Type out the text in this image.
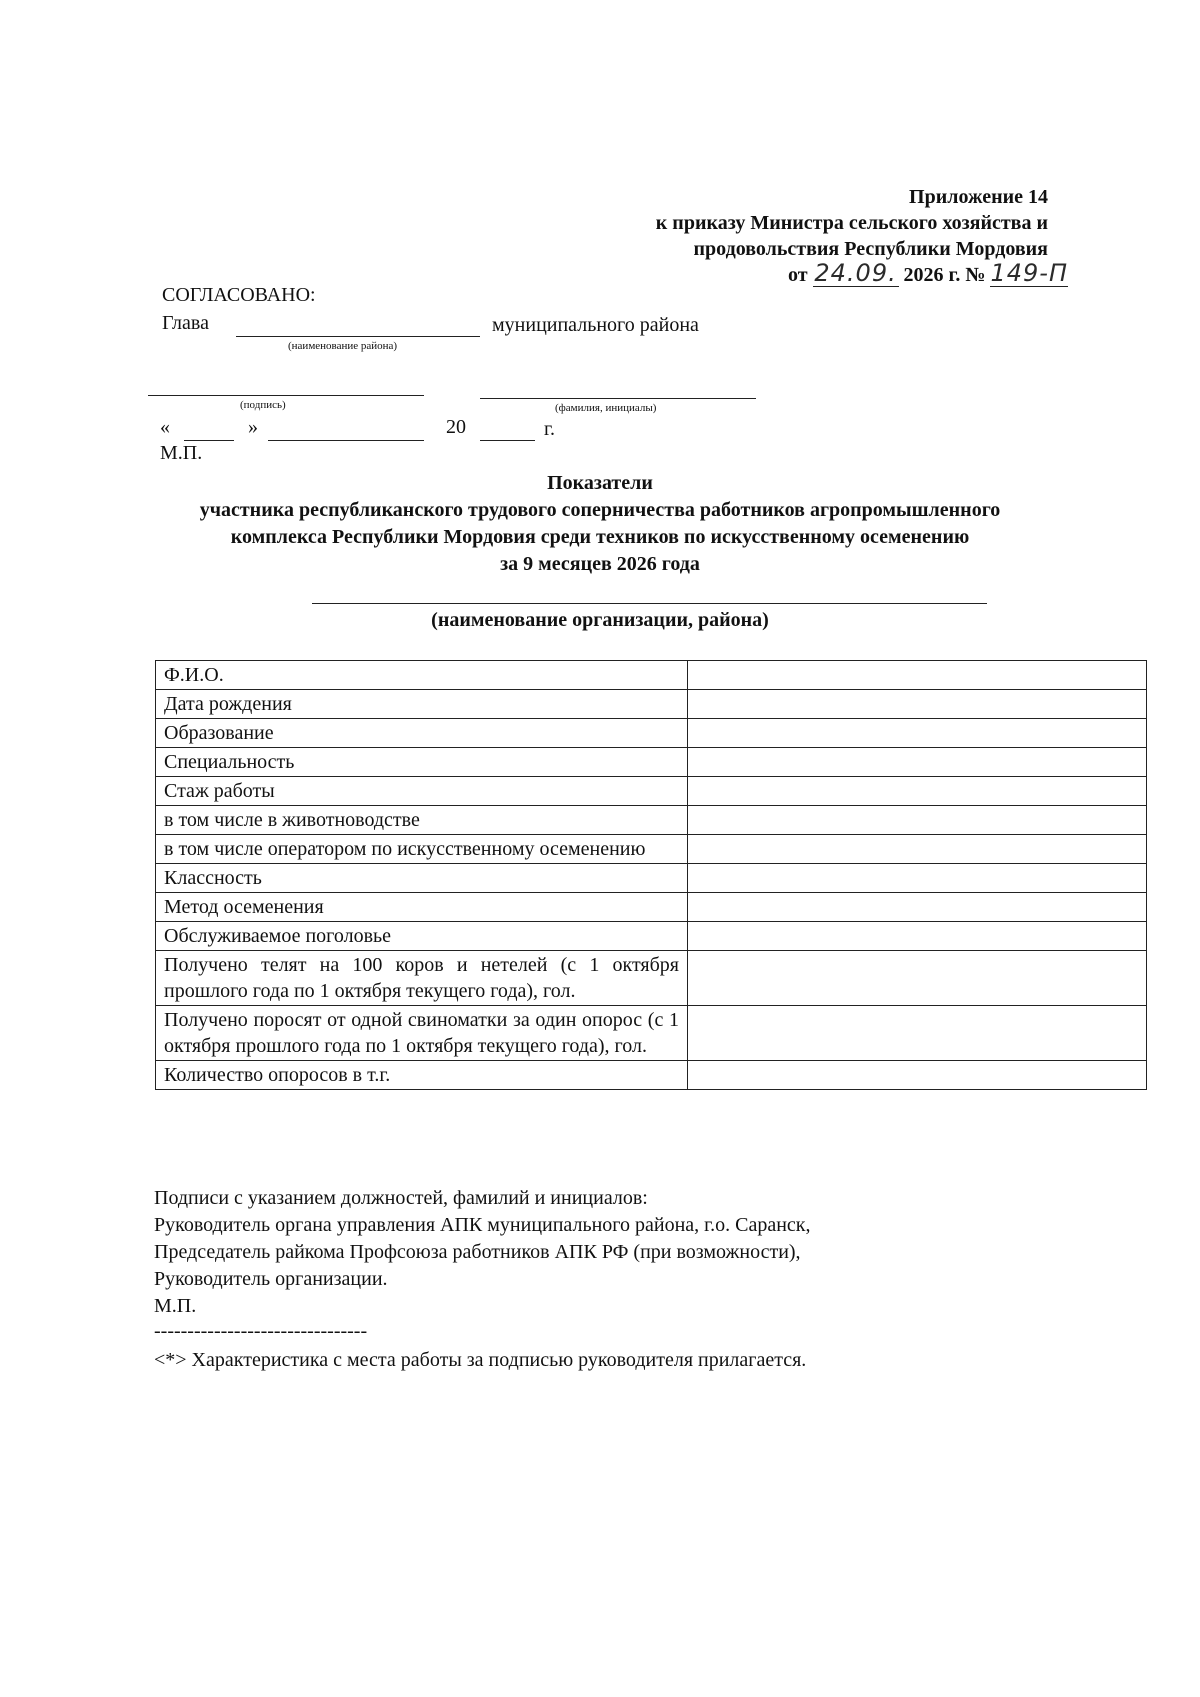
Приложение 14
к приказу Министра сельского хозяйства и
продовольствия Республики Мордовия
от 24.09. 2026 г. № 149-П
СОГЛАСОВАНО:
Глава	муниципального района
(наименование района)
(подпись)	(фамилия, инициалы)
«	»	20	г.
М.П.
Показатели
участника республиканского трудового соперничества работников агропромышленного
комплекса Республики Мордовия среди техников по искусственному осеменению
за 9 месяцев 2026 года
(наименование организации, района)
Ф.И.О.	
Дата рождения	
Образование	
Специальность	
Стаж работы	
в том числе в животноводстве	
в том числе оператором по искусственному осеменению	
Классность	
Метод осеменения	
Обслуживаемое поголовье	
Получено телят на 100 коров и нетелей (с 1 октября прошлого года по 1 октября текущего года), гол.	
Получено поросят от одной свиноматки за один опорос (с 1 октября прошлого года по 1 октября текущего года), гол.	
Количество опоросов в т.г.	
Подписи с указанием должностей, фамилий и инициалов:
Руководитель органа управления АПК муниципального района, г.о. Саранск,
Председатель райкома Профсоюза работников АПК РФ (при возможности),
Руководитель организации.
М.П.
--------------------------------
<*> Характеристика с места работы за подписью руководителя прилагается.
